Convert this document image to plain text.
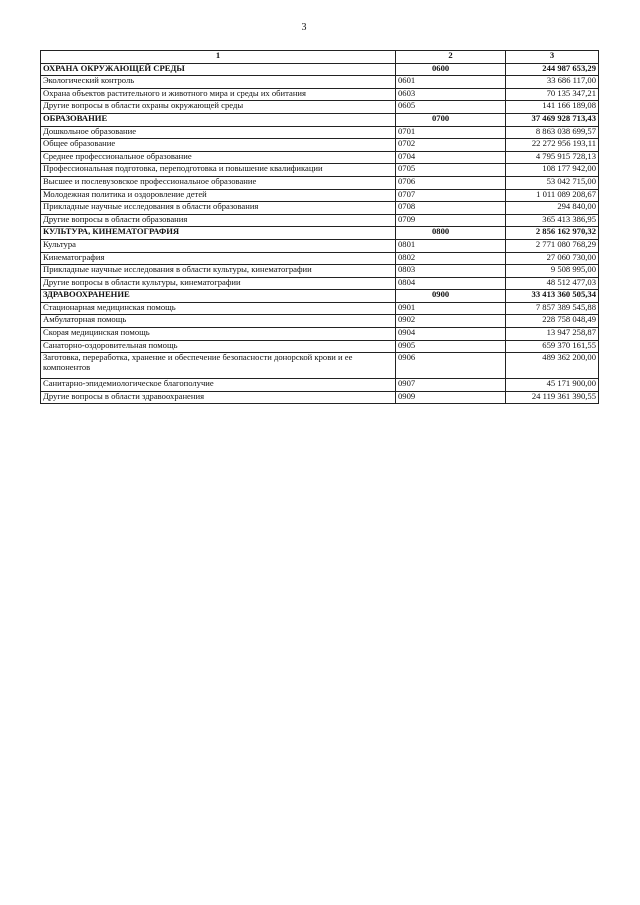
3
1	2	3
ОХРАНА ОКРУЖАЮЩЕЙ СРЕДЫ	0600	244 987 653,29
Экологический контроль	0601	33 686 117,00
Охрана объектов растительного и животного мира и среды их обитания	0603	70 135 347,21
Другие вопросы в области охраны окружающей среды	0605	141 166 189,08
ОБРАЗОВАНИЕ	0700	37 469 928 713,43
Дошкольное образование	0701	8 863 038 699,57
Общее образование	0702	22 272 956 193,11
Среднее профессиональное образование	0704	4 795 915 728,13
Профессиональная подготовка, переподготовка и повышение квалификации	0705	108 177 942,00
Высшее и послевузовское профессиональное образование	0706	53 042 715,00
Молодежная политика и оздоровление детей	0707	1 011 089 208,67
Прикладные научные исследования в области образования	0708	294 840,00
Другие вопросы в области образования	0709	365 413 386,95
КУЛЬТУРА, КИНЕМАТОГРАФИЯ	0800	2 856 162 970,32
Культура	0801	2 771 080 768,29
Кинематография	0802	27 060 730,00
Прикладные научные исследования в области культуры, кинематографии	0803	9 508 995,00
Другие вопросы в области культуры, кинематографии	0804	48 512 477,03
ЗДРАВООХРАНЕНИЕ	0900	33 413 360 505,34
Стационарная медицинская помощь	0901	7 857 389 545,88
Амбулаторная помощь	0902	228 758 048,49
Скорая медицинская помощь	0904	13 947 258,87
Санаторно-оздоровительная помощь	0905	659 370 161,55
Заготовка, переработка, хранение и обеспечение безопасности донорской крови и ее компонентов	0906	489 362 200,00
Санитарно-эпидемиологическое благополучие	0907	45 171 900,00
Другие вопросы в области здравоохранения	0909	24 119 361 390,55
